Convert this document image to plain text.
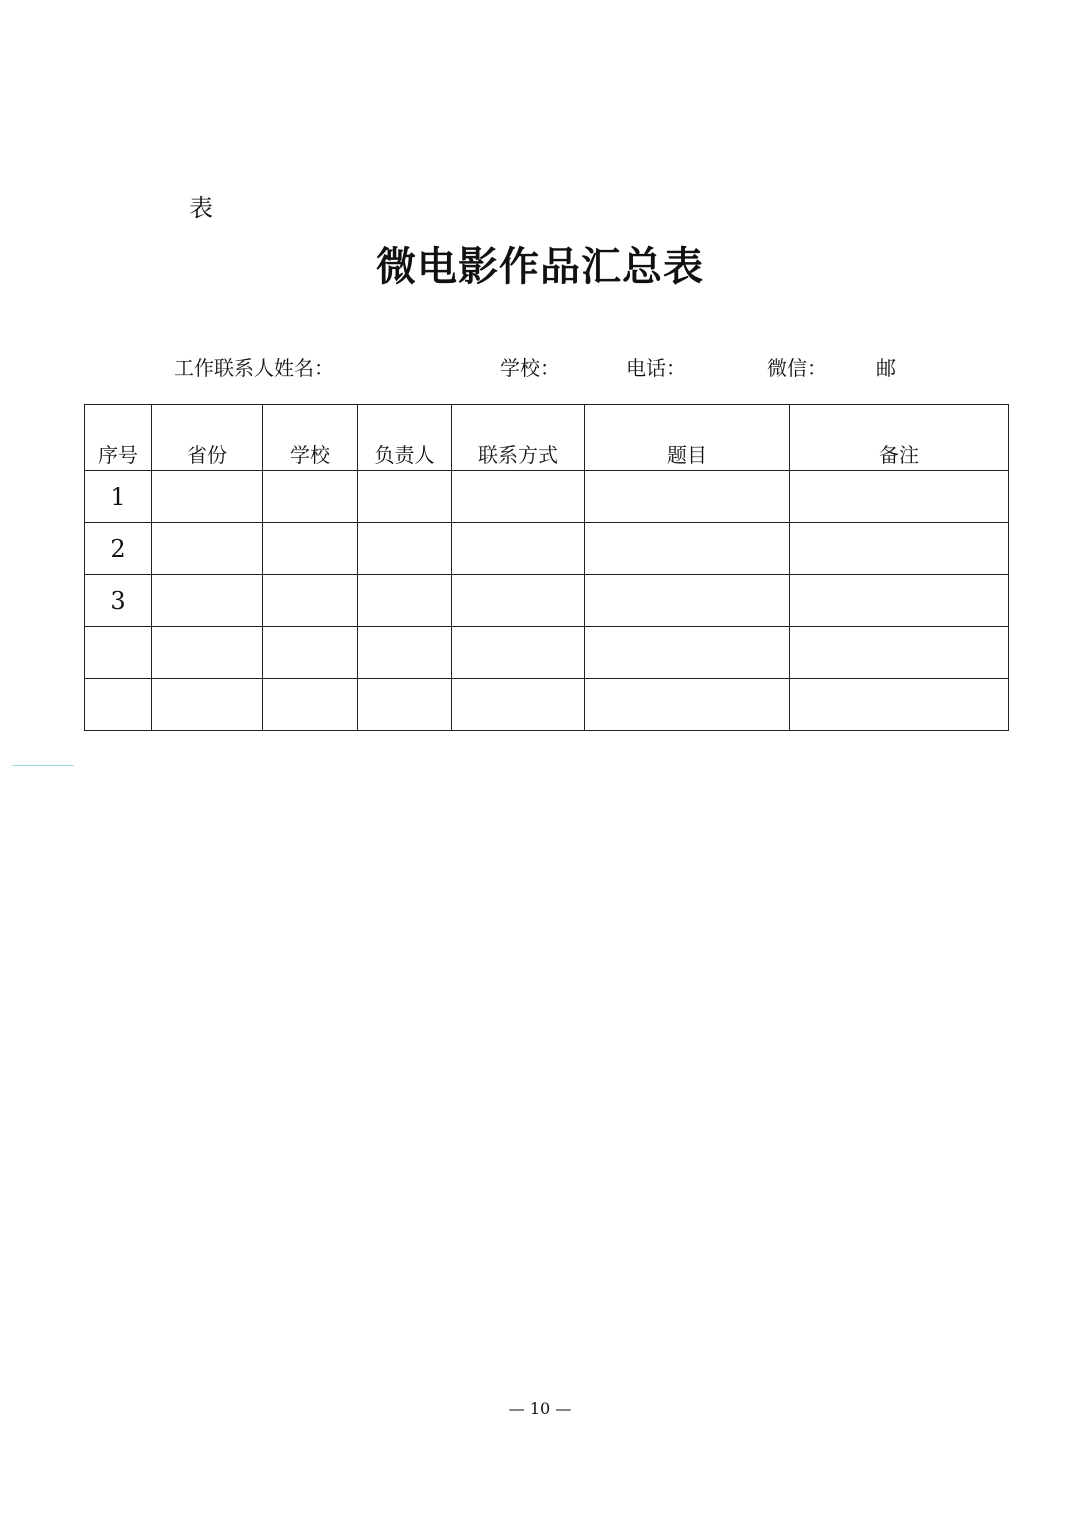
表
微电影作品汇总表
工作联系人姓名：	学校：	电话：	微信： 邮
序号	省份	学校	负责人	联系方式	题目	备注
1						
2						
3						

— 10 —
